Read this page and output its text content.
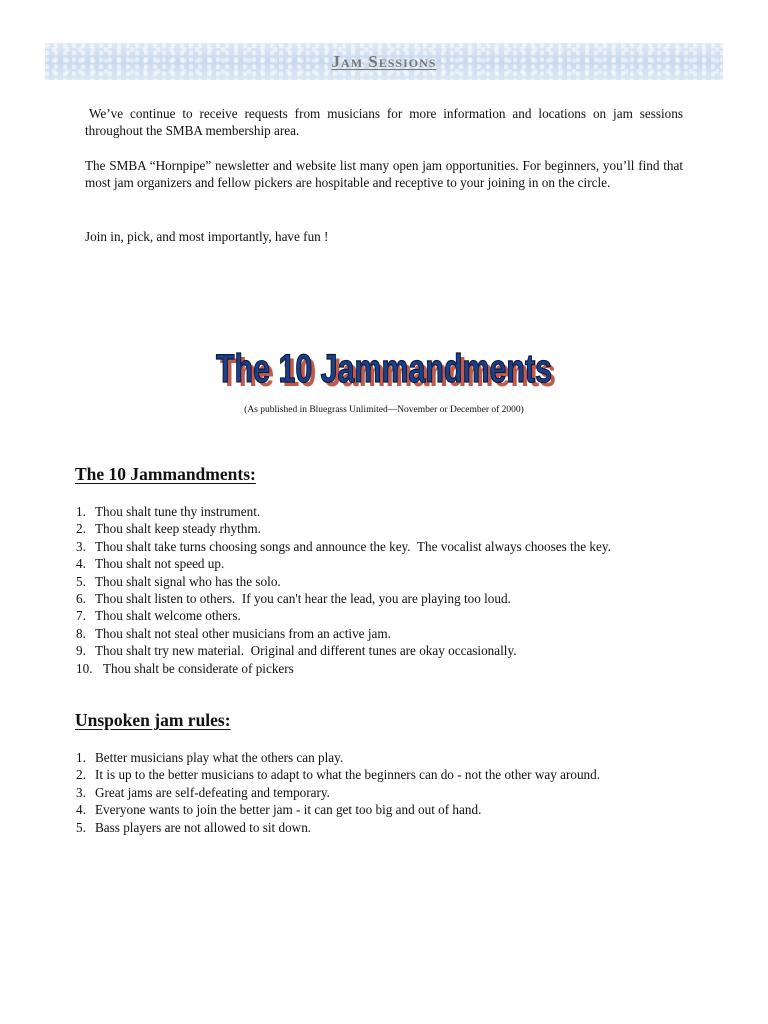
Jam Sessions

We’ve continue to receive requests from musicians for more information and locations on jam sessions throughout the SMBA membership area.

The SMBA “Hornpipe” newsletter and website list many open jam opportunities. For beginners, you’ll find that most jam organizers and fellow pickers are hospitable and receptive to your joining in on the circle.

Join in, pick, and most importantly, have fun !

The 10 Jammandments
The 10 Jammandments
(As published in Bluegrass Unlimited—November or December of 2000)
The 10 Jammandments:
1. Thou shalt tune thy instrument.
2. Thou shalt keep steady rhythm.
3. Thou shalt take turns choosing songs and announce the key.  The vocalist always chooses the key.
4. Thou shalt not speed up.
5. Thou shalt signal who has the solo.
6. Thou shalt listen to others.  If you can't hear the lead, you are playing too loud.
7. Thou shalt welcome others.
8. Thou shalt not steal other musicians from an active jam.
9. Thou shalt try new material.  Original and different tunes are okay occasionally.
10. Thou shalt be considerate of pickers
Unspoken jam rules:
1. Better musicians play what the others can play.
2. It is up to the better musicians to adapt to what the beginners can do - not the other way around.
3. Great jams are self-defeating and temporary.
4. Everyone wants to join the better jam - it can get too big and out of hand.
5. Bass players are not allowed to sit down.
